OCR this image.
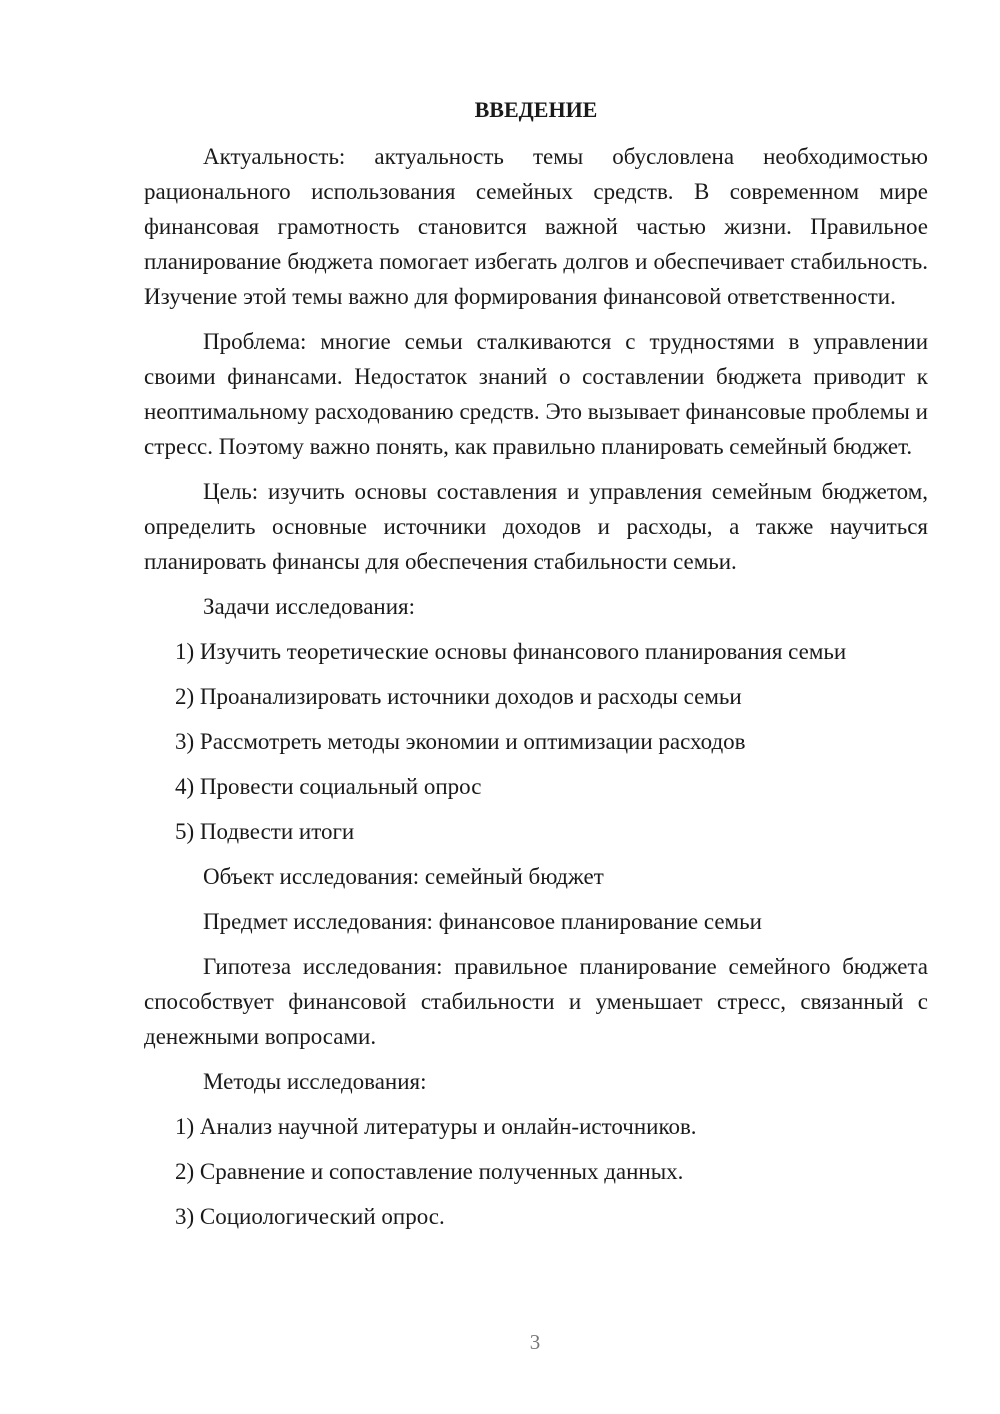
ВВЕДЕНИЕ

Актуальность: актуальность темы обусловлена необходимостью рационального использования семейных средств. В современном мире финансовая грамотность становится важной частью жизни. Правильное планирование бюджета помогает избегать долгов и обеспечивает стабильность. Изучение этой темы важно для формирования финансовой ответственности.

Проблема: многие семьи сталкиваются с трудностями в управлении своими финансами. Недостаток знаний о составлении бюджета приводит к неоптимальному расходованию средств. Это вызывает финансовые проблемы и стресс. Поэтому важно понять, как правильно планировать семейный бюджет.

Цель: изучить основы составления и управления семейным бюджетом, определить основные источники доходов и расходы, а также научиться планировать финансы для обеспечения стабильности семьи.

Задачи исследования:

1) Изучить теоретические основы финансового планирования семьи

2) Проанализировать источники доходов и расходы семьи

3) Рассмотреть методы экономии и оптимизации расходов

4) Провести социальный опрос

5) Подвести итоги

Объект исследования: семейный бюджет

Предмет исследования: финансовое планирование семьи

Гипотеза исследования: правильное планирование семейного бюджета способствует финансовой стабильности и уменьшает стресс, связанный с денежными вопросами.

Методы исследования:

1) Анализ научной литературы и онлайн-источников.

2) Сравнение и сопоставление полученных данных.

3) Социологический опрос.

3
